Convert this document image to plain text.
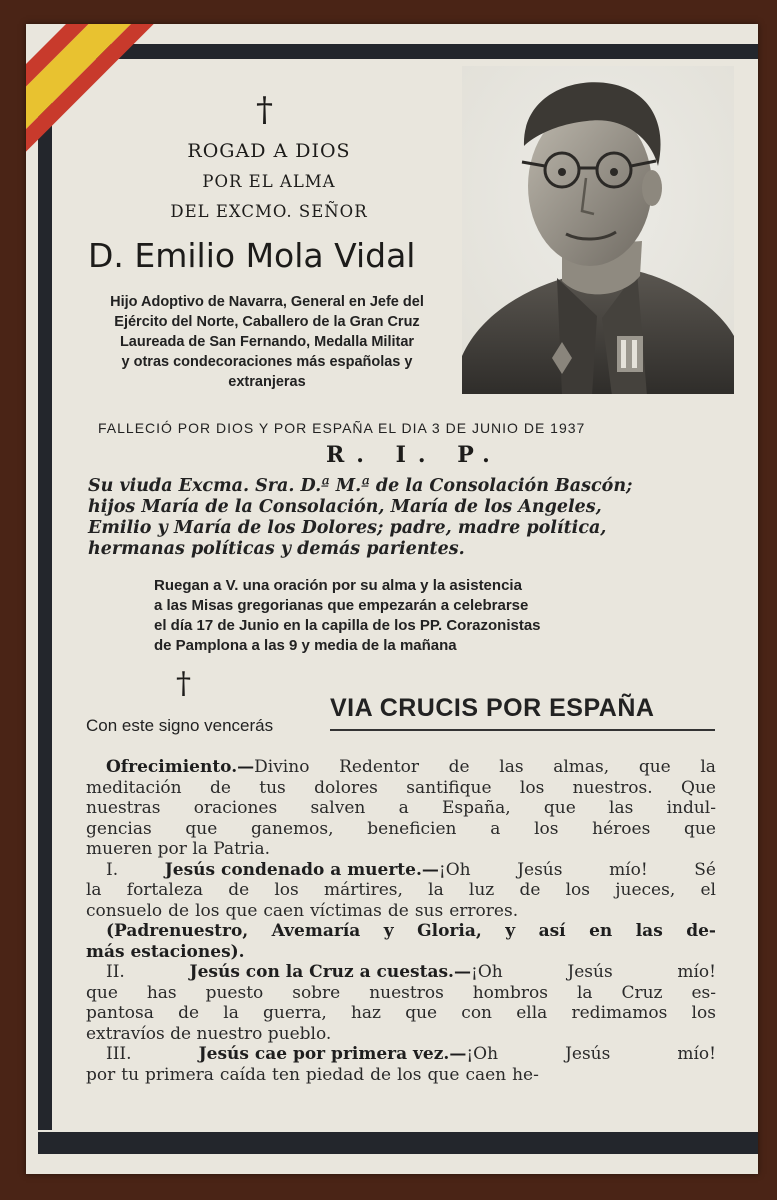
†
ROGAD A DIOS
POR EL ALMA
DEL EXCMO. SEÑOR
D. Emilio Mola Vidal
Hijo Adoptivo de Navarra, General en Jefe del
Ejército del Norte, Caballero de la Gran Cruz
Laureada de San Fernando, Medalla Militar
y otras condecoraciones más españolas y
extranjeras
FALLECIÓ POR DIOS Y POR ESPAÑA EL DIA 3 DE JUNIO DE 1937
R. I. P.
Su viuda Excma. Sra. D.ª M.ª de la Consolación Bascón;
hijos María de la Consolación, María de los Angeles,
Emilio y María de los Dolores; padre, madre política,
hermanas políticas y demás parientes.
Ruegan a V. una oración por su alma y la asistencia
a las Misas gregorianas que empezarán a celebrarse
el día 17 de Junio en la capilla de los PP. Corazonistas
de Pamplona a las 9 y media de la mañana
†
Con este signo vencerás
VIA CRUCIS POR ESPAÑA
Ofrecimiento.—Divino Redentor de las almas, que la
meditación de tus dolores santifique los nuestros. Que
nuestras oraciones salven a España, que las indul-
gencias que ganemos, beneficien a los héroes que
mueren por la Patria.
I.	Jesús condenado a muerte.—¡Oh	Jesús	mío!	Sé
la fortaleza de los mártires, la luz de los jueces, el
consuelo de los que caen víctimas de sus errores.
(Padrenuestro, Avemaría y Gloria, y así en las de-
más estaciones).
II.	Jesús con la Cruz a cuestas.—¡Oh	Jesús	mío!
que has puesto sobre nuestros hombros la Cruz es-
pantosa de la guerra, haz que con ella redimamos los
extravíos de nuestro pueblo.
III.	Jesús cae por primera vez.—¡Oh	Jesús	mío!
por tu primera caída ten piedad de los que caen he-
